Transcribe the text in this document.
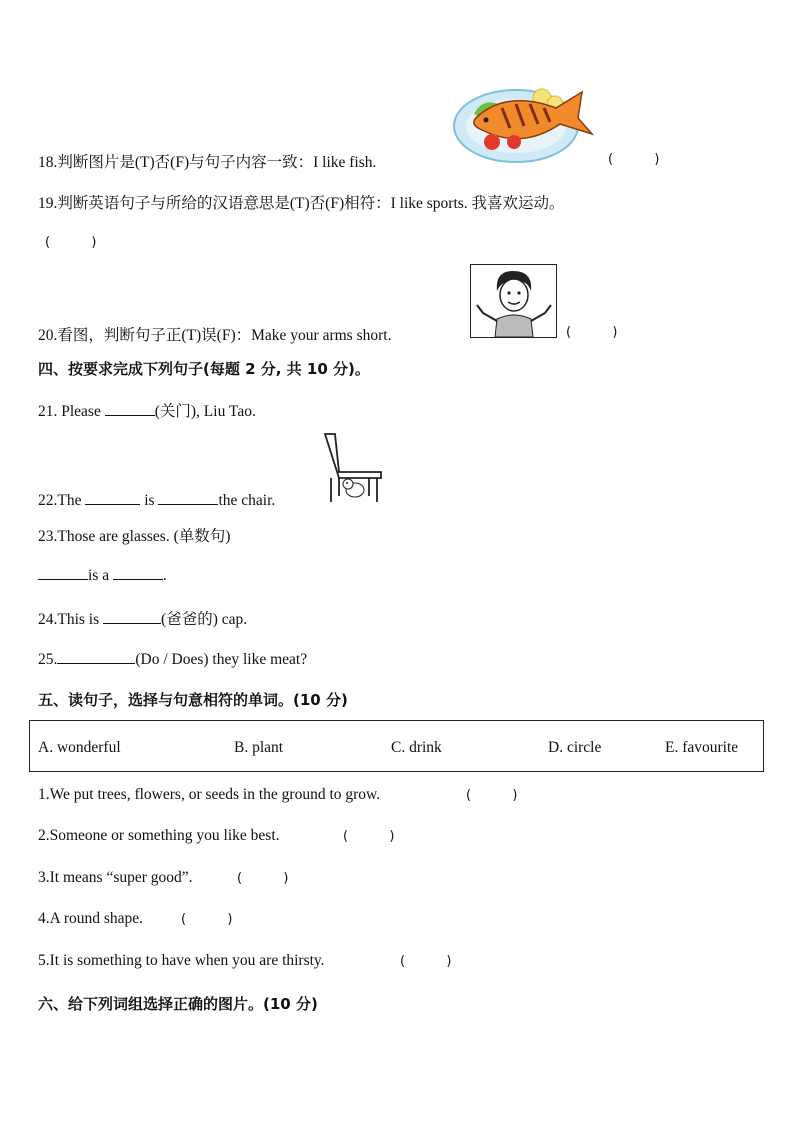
18.判断图片是(T)否(F)与句子内容一致：I like fish.	(          )
19.判断英语句子与所给的汉语意思是(T)否(F)相符：I like sports. 我喜欢运动。
(          )
20.看图，判断句子正(T)误(F)：Make your arms short.	(          )
四、按要求完成下列句子(每题 2 分, 共 10 分)。
21. Please	(关门), Liu Tao.
22.The	is	the chair.
23.Those are glasses. (单数句)
is a	.
24.This is	(爸爸的) cap.
25.	(Do / Does) they like meat?
五、读句子，选择与句意相符的单词。(10 分)
A. wonderful	B. plant	C. drink	D. circle	E. favourite
1.We put trees, flowers, or seeds in the ground to grow.	(          )
2.Someone or something you like best.	(          )
3.It means “super good”.	(          )
4.A round shape.	(          )
5.It is something to have when you are thirsty.	(          )
六、给下列词组选择正确的图片。(10 分)
